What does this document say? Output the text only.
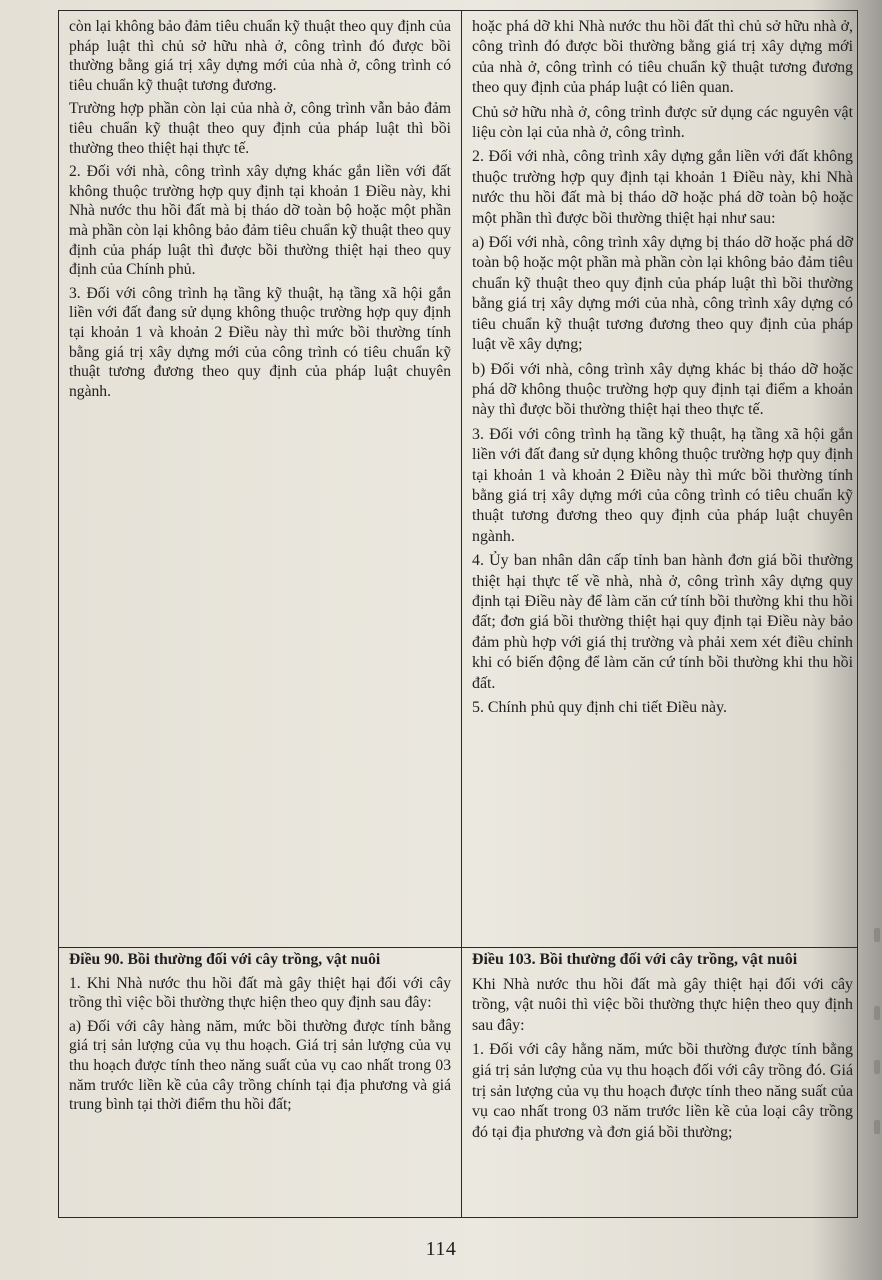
còn lại không bảo đảm tiêu chuẩn kỹ thuật theo quy định của pháp luật thì chủ sở hữu nhà ở, công trình đó được bồi thường bằng giá trị xây dựng mới của nhà ở, công trình có tiêu chuẩn kỹ thuật tương đương.

Trường hợp phần còn lại của nhà ở, công trình vẫn bảo đảm tiêu chuẩn kỹ thuật theo quy định của pháp luật thì bồi thường theo thiệt hại thực tế.

2. Đối với nhà, công trình xây dựng khác gắn liền với đất không thuộc trường hợp quy định tại khoản 1 Điều này, khi Nhà nước thu hồi đất mà bị tháo dỡ toàn bộ hoặc một phần mà phần còn lại không bảo đảm tiêu chuẩn kỹ thuật theo quy định của pháp luật thì được bồi thường thiệt hại theo quy định của Chính phủ.

3. Đối với công trình hạ tầng kỹ thuật, hạ tầng xã hội gắn liền với đất đang sử dụng không thuộc trường hợp quy định tại khoản 1 và khoản 2 Điều này thì mức bồi thường tính bằng giá trị xây dựng mới của công trình có tiêu chuẩn kỹ thuật tương đương theo quy định của pháp luật chuyên ngành.

hoặc phá dỡ khi Nhà nước thu hồi đất thì chủ sở hữu nhà ở, công trình đó được bồi thường bằng giá trị xây dựng mới của nhà ở, công trình có tiêu chuẩn kỹ thuật tương đương theo quy định của pháp luật có liên quan.

Chủ sở hữu nhà ở, công trình được sử dụng các nguyên vật liệu còn lại của nhà ở, công trình.

2. Đối với nhà, công trình xây dựng gắn liền với đất không thuộc trường hợp quy định tại khoản 1 Điều này, khi Nhà nước thu hồi đất mà bị tháo dỡ hoặc phá dỡ toàn bộ hoặc một phần thì được bồi thường thiệt hại như sau:

a) Đối với nhà, công trình xây dựng bị tháo dỡ hoặc phá dỡ toàn bộ hoặc một phần mà phần còn lại không bảo đảm tiêu chuẩn kỹ thuật theo quy định của pháp luật thì bồi thường bằng giá trị xây dựng mới của nhà, công trình xây dựng có tiêu chuẩn kỹ thuật tương đương theo quy định của pháp luật về xây dựng;

b) Đối với nhà, công trình xây dựng khác bị tháo dỡ hoặc phá dỡ không thuộc trường hợp quy định tại điểm a khoản này thì được bồi thường thiệt hại theo thực tế.

3. Đối với công trình hạ tầng kỹ thuật, hạ tầng xã hội gắn liền với đất đang sử dụng không thuộc trường hợp quy định tại khoản 1 và khoản 2 Điều này thì mức bồi thường tính bằng giá trị xây dựng mới của công trình có tiêu chuẩn kỹ thuật tương đương theo quy định của pháp luật chuyên ngành.

4. Ủy ban nhân dân cấp tỉnh ban hành đơn giá bồi thường thiệt hại thực tế về nhà, nhà ở, công trình xây dựng quy định tại Điều này để làm căn cứ tính bồi thường khi thu hồi đất; đơn giá bồi thường thiệt hại quy định tại Điều này bảo đảm phù hợp với giá thị trường và phải xem xét điều chỉnh khi có biến động để làm căn cứ tính bồi thường khi thu hồi đất.

5. Chính phủ quy định chi tiết Điều này.

Điều 90. Bồi thường đối với cây trồng, vật nuôi

1. Khi Nhà nước thu hồi đất mà gây thiệt hại đối với cây trồng thì việc bồi thường thực hiện theo quy định sau đây:

a) Đối với cây hàng năm, mức bồi thường được tính bằng giá trị sản lượng của vụ thu hoạch. Giá trị sản lượng của vụ thu hoạch được tính theo năng suất của vụ cao nhất trong 03 năm trước liền kề của cây trồng chính tại địa phương và giá trung bình tại thời điểm thu hồi đất;

Điều 103. Bồi thường đối với cây trồng, vật nuôi

Khi Nhà nước thu hồi đất mà gây thiệt hại đối với cây trồng, vật nuôi thì việc bồi thường thực hiện theo quy định sau đây:

1. Đối với cây hằng năm, mức bồi thường được tính bằng giá trị sản lượng của vụ thu hoạch đối với cây trồng đó. Giá trị sản lượng của vụ thu hoạch được tính theo năng suất của vụ cao nhất trong 03 năm trước liền kề của loại cây trồng đó tại địa phương và đơn giá bồi thường;

114
